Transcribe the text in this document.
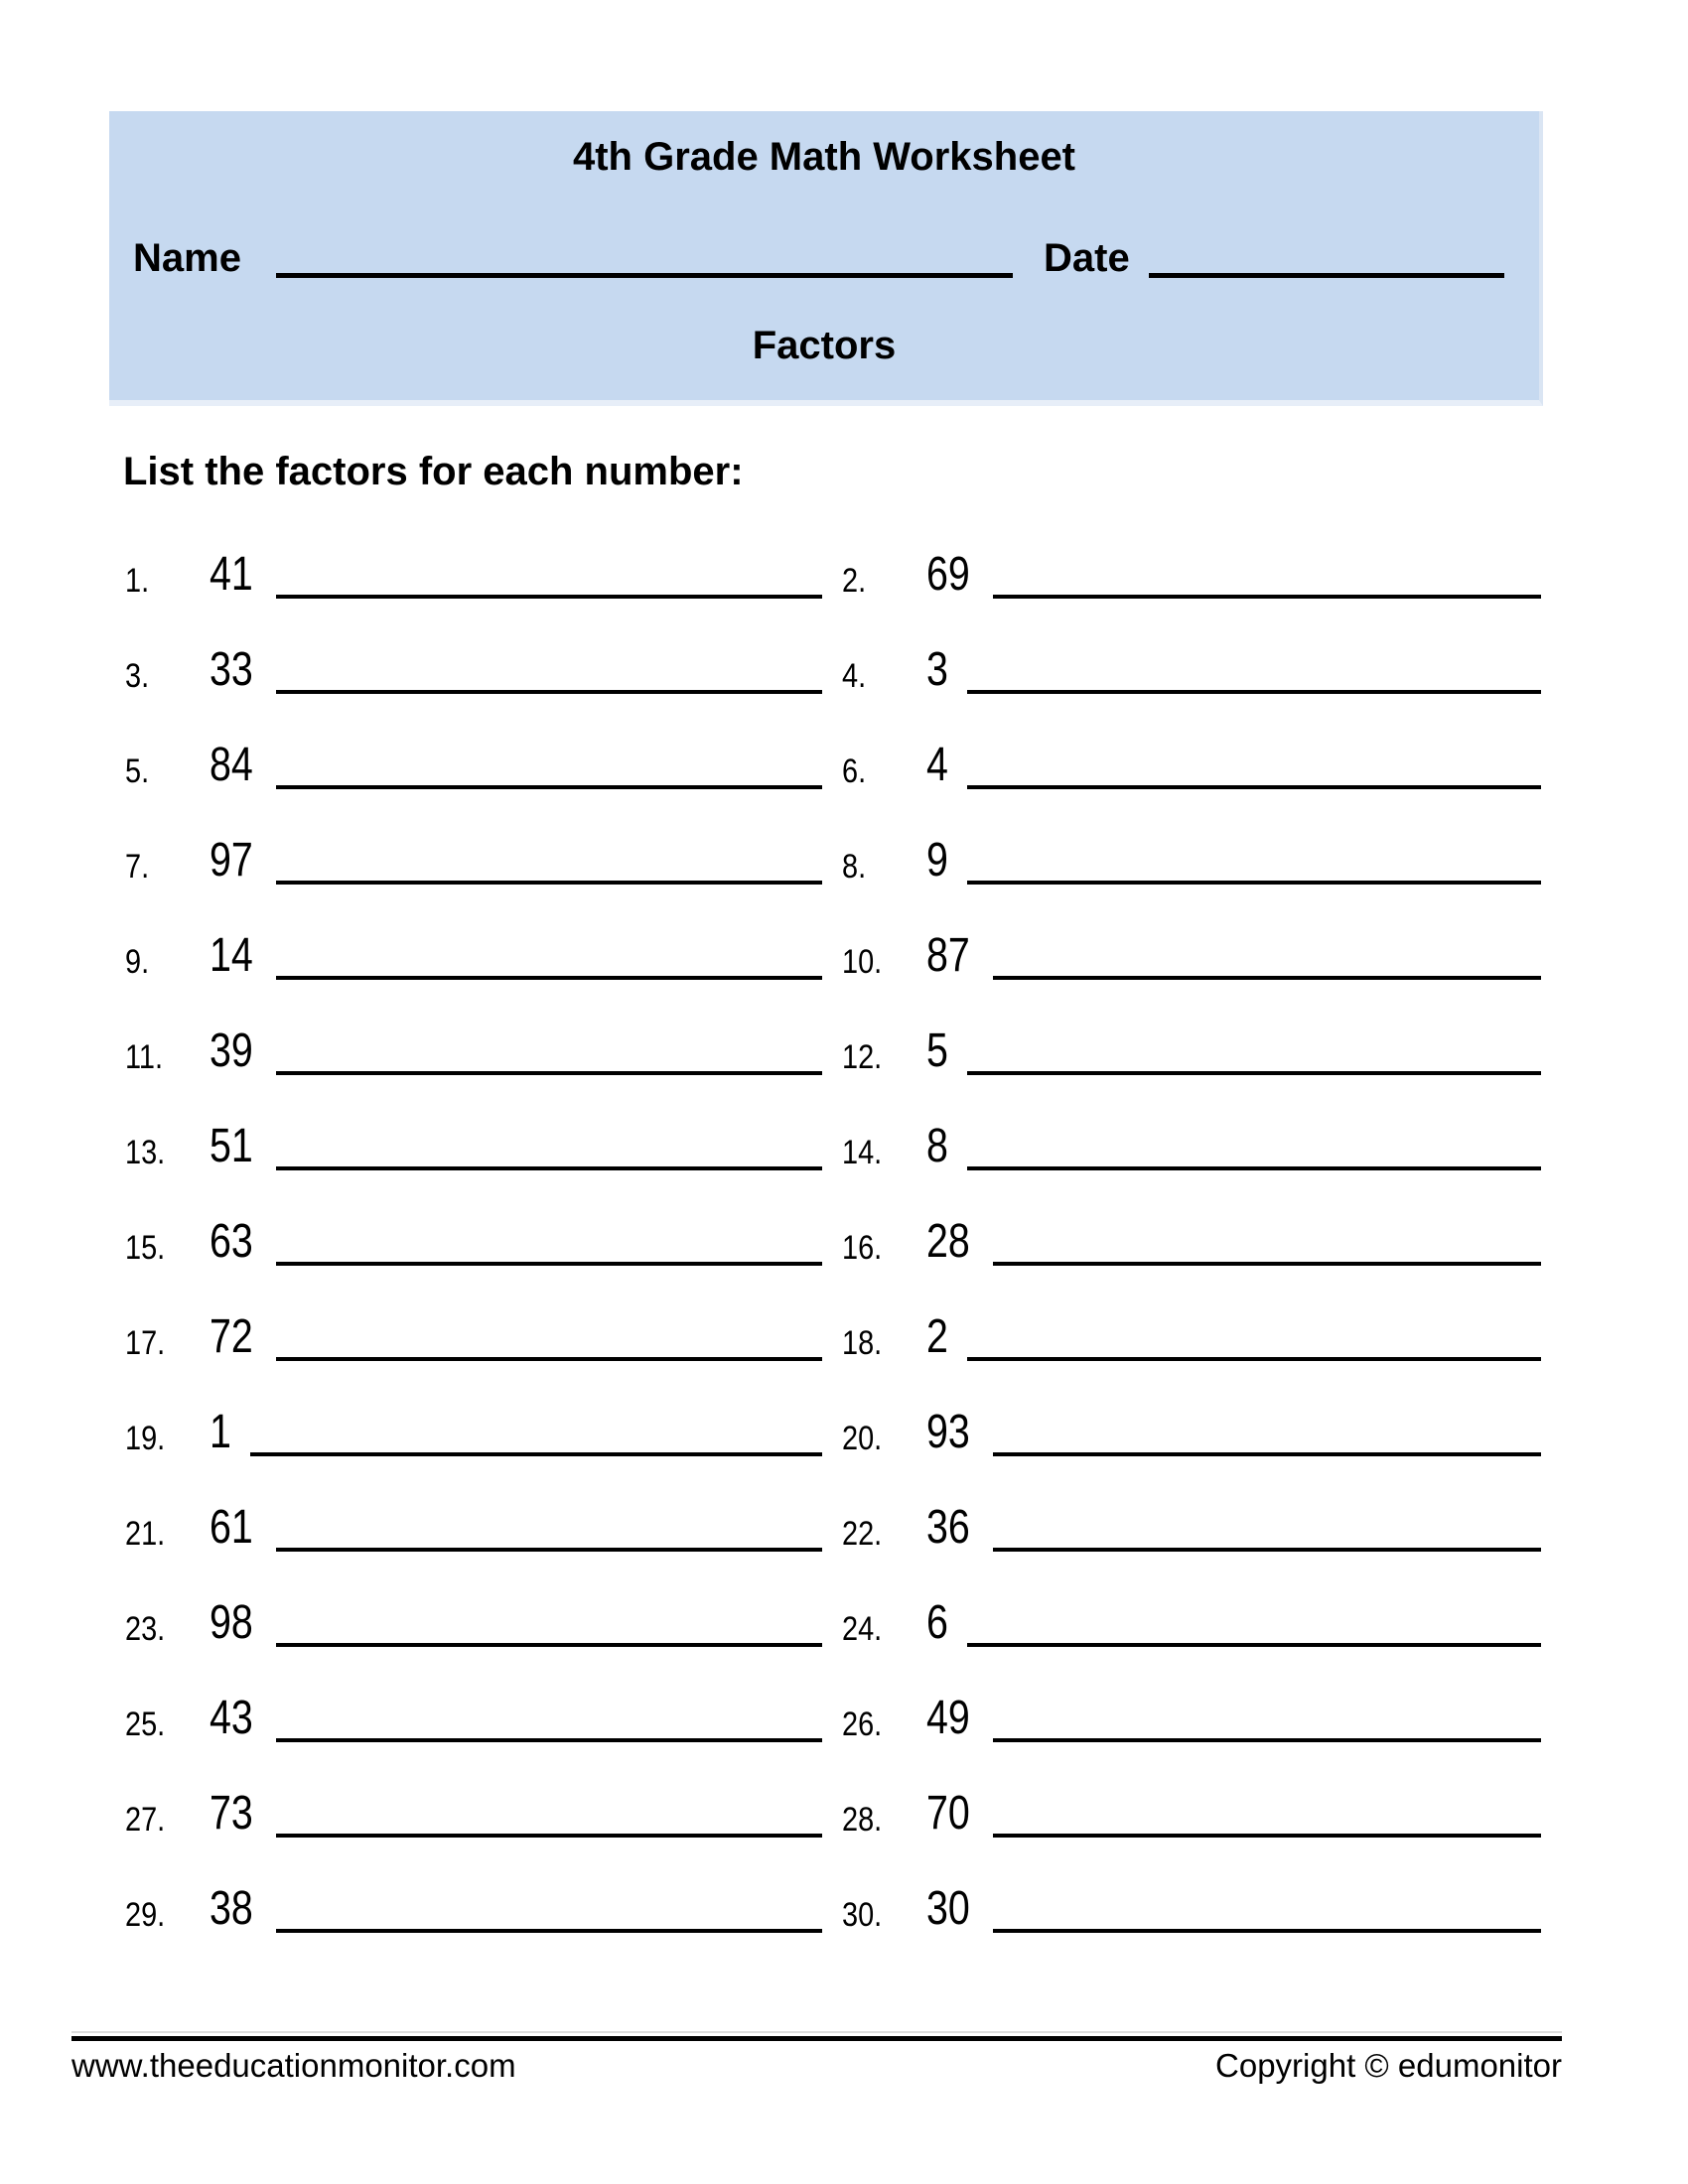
4th Grade Math Worksheet
Name	Date
Factors
List the factors for each number:
1.	41	2.	69
3.	33	4.	3
5.	84	6.	4
7.	97	8.	9
9.	14	10. 87
11. 39	12. 5
13. 51	14. 8
15. 63	16. 28
17. 72	18. 2
19. 1	20. 93
21. 61	22. 36
23. 98	24. 6
25. 43	26. 49
27. 73	28. 70
29. 38	30. 30
www.theeducationmonitor.com	Copyright © edumonitor
